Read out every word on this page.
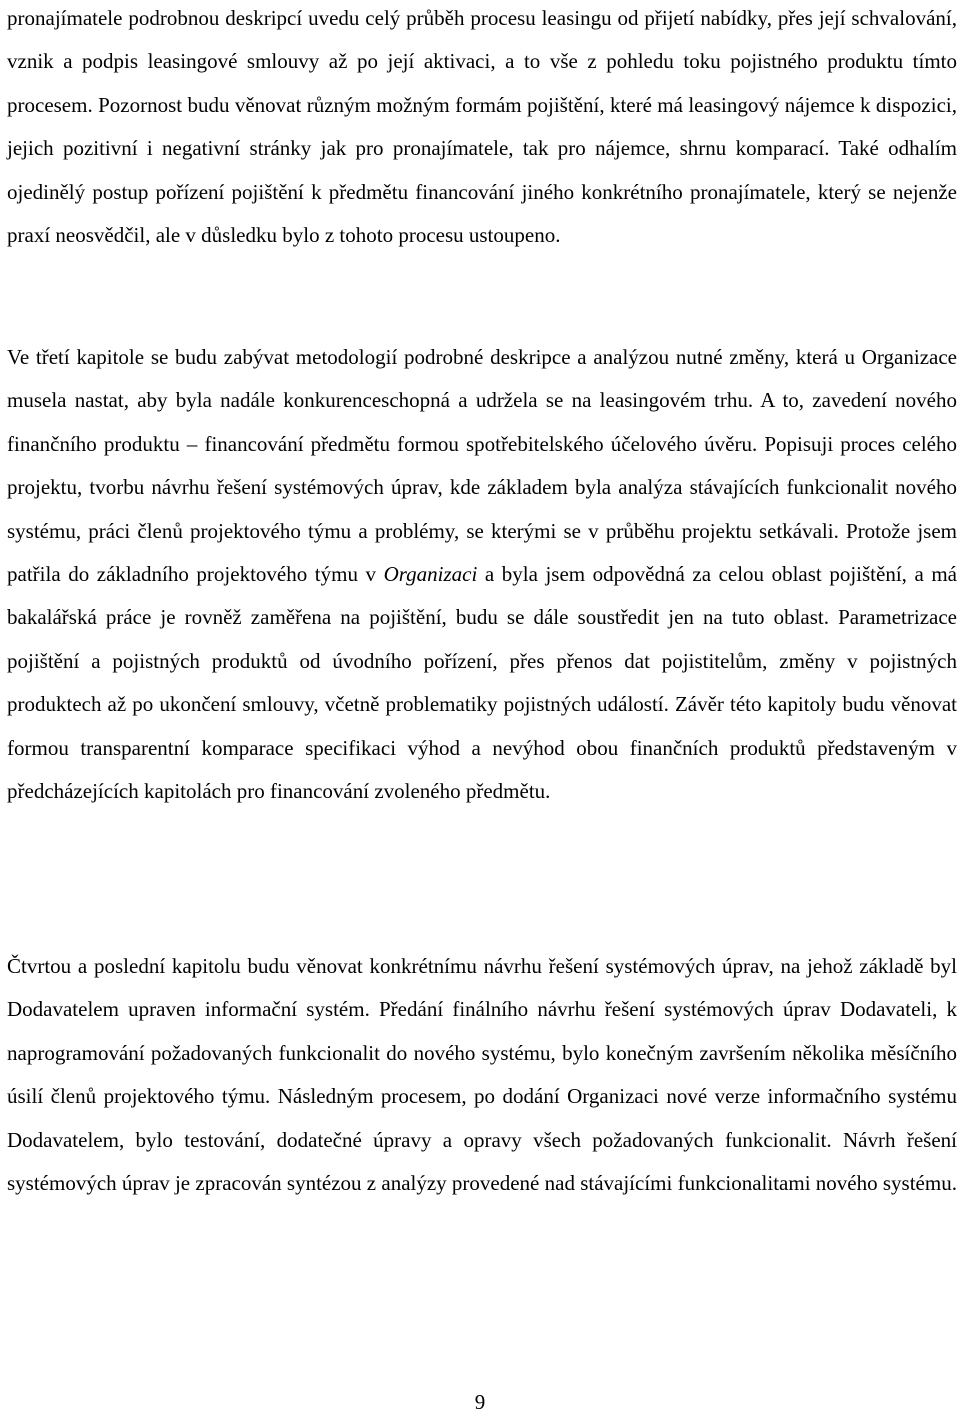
pronajímatele podrobnou deskripcí uvedu celý průběh procesu leasingu od přijetí nabídky, přes její schvalování, vznik a podpis leasingové smlouvy až po její aktivaci, a to vše z pohledu toku pojistného produktu tímto procesem. Pozornost budu věnovat různým možným formám pojištění, které má leasingový nájemce k dispozici, jejich pozitivní i negativní stránky jak pro pronajímatele, tak pro nájemce, shrnu komparací. Také odhalím ojedinělý postup pořízení pojištění k předmětu financování jiného konkrétního pronajímatele, který se nejenže praxí neosvědčil, ale v důsledku bylo z tohoto procesu ustoupeno.

Ve třetí kapitole se budu zabývat metodologií podrobné deskripce a analýzou nutné změny, která u Organizace musela nastat, aby byla nadále konkurenceschopná a udržela se na leasingovém trhu. A to, zavedení nového finančního produktu – financování předmětu formou spotřebitelského účelového úvěru. Popisuji proces celého projektu, tvorbu návrhu řešení systémových úprav, kde základem byla analýza stávajících funkcionalit nového systému, práci členů projektového týmu a problémy, se kterými se v průběhu projektu setkávali. Protože jsem patřila do základního projektového týmu v Organizaci a byla jsem odpovědná za celou oblast pojištění, a má bakalářská práce je rovněž zaměřena na pojištění, budu se dále soustředit jen na tuto oblast. Parametrizace pojištění a pojistných produktů od úvodního pořízení, přes přenos dat pojistitelům, změny v pojistných produktech až po ukončení smlouvy, včetně problematiky pojistných událostí. Závěr této kapitoly budu věnovat formou transparentní komparace specifikaci výhod a nevýhod obou finančních produktů představeným v předcházejících kapitolách pro financování zvoleného předmětu.

Čtvrtou a poslední kapitolu budu věnovat konkrétnímu návrhu řešení systémových úprav, na jehož základě byl Dodavatelem upraven informační systém. Předání finálního návrhu řešení systémových úprav Dodavateli, k naprogramování požadovaných funkcionalit do nového systému, bylo konečným završením několika měsíčního úsilí členů projektového týmu. Následným procesem, po dodání Organizaci nové verze informačního systému Dodavatelem, bylo testování, dodatečné úpravy a opravy všech požadovaných funkcionalit. Návrh řešení systémových úprav je zpracován syntézou z analýzy provedené nad stávajícími funkcionalitami nového systému.

9
